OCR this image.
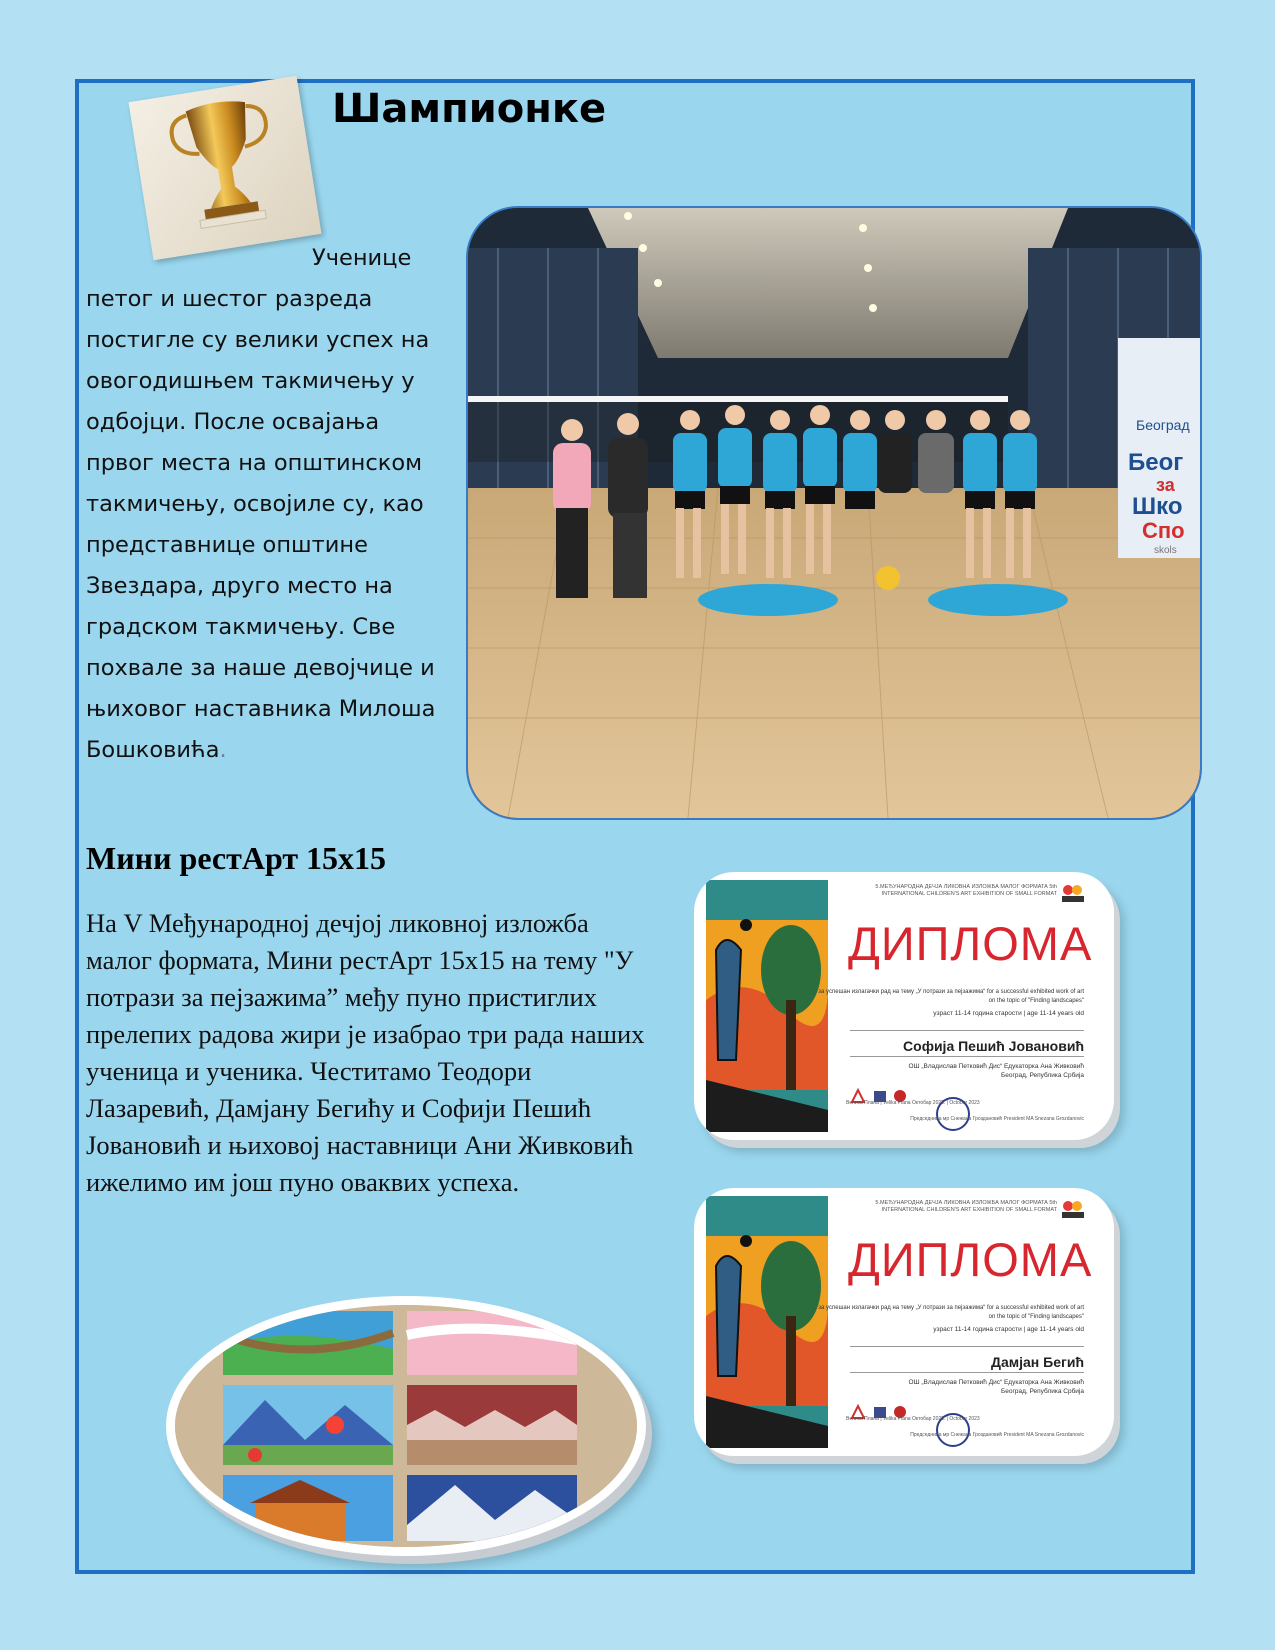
Шампионке
Ученице
петог и шестог разреда постигле су велики успех на овогодишњем такмичењу у одбојци. После освајања првог места на општинском такмичењу, освојиле су, као представнице општине Звездара, друго место на градском такмичењу. Све похвале за наше девојчице и њиховог наставника Милоша Бошковића.
Београд
Беог
за
Шко
Спо
skols
Мини рестАрт 15х15
На V Међународној дечјој ликовној изложба малог формата, Мини рестАрт 15х15 на тему "У потрази за пејзажима” међу пуно пристиглих прелепих радова жири је изабрао три рада наших ученица и ученика. Честитамо Теодори Лазаревић, Дамјану Бегићу и Софији Пешић Јовановић и њиховој наставници Ани Живковић ижелимо им још пуно оваквих успеха.
5.МЕЂУНАРОДНА ДЕЧЈА ЛИКОВНА ИЗЛОЖБА МАЛОГ ФОРМАТА 5th INTERNATIONAL CHILDREN'S ART EXHIBITION OF SMALL FORMAT
ДИПЛОМА
за успешан излагачки рад на тему „У потрази за пејзажима“ for a successful exhibited work of art on the topic of "Finding landscapes"
узраст 11-14 година старости | age 11-14 years old
Софија Пешић Јовановић
ОШ „Владислав Петковић Дис“ Едукаторка Ана Живковић Београд, Република Србија
Велика Плана | Velika Plana Октобар 2023. | October 2023
Председница мр Снежана Гроздановић President MA Snezana Grozdanovic
5.МЕЂУНАРОДНА ДЕЧЈА ЛИКОВНА ИЗЛОЖБА МАЛОГ ФОРМАТА 5th INTERNATIONAL CHILDREN'S ART EXHIBITION OF SMALL FORMAT
ДИПЛОМА
за успешан излагачки рад на тему „У потрази за пејзажима“ for a successful exhibited work of art on the topic of "Finding landscapes"
узраст 11-14 година старости | age 11-14 years old
Дамјан Бегић
ОШ „Владислав Петковић Дис“ Едукаторка Ана Живковић Београд, Република Србија
Велика Плана | Velika Plana Октобар 2023. | October 2023
Председница мр Снежана Гроздановић President MA Snezana Grozdanovic
